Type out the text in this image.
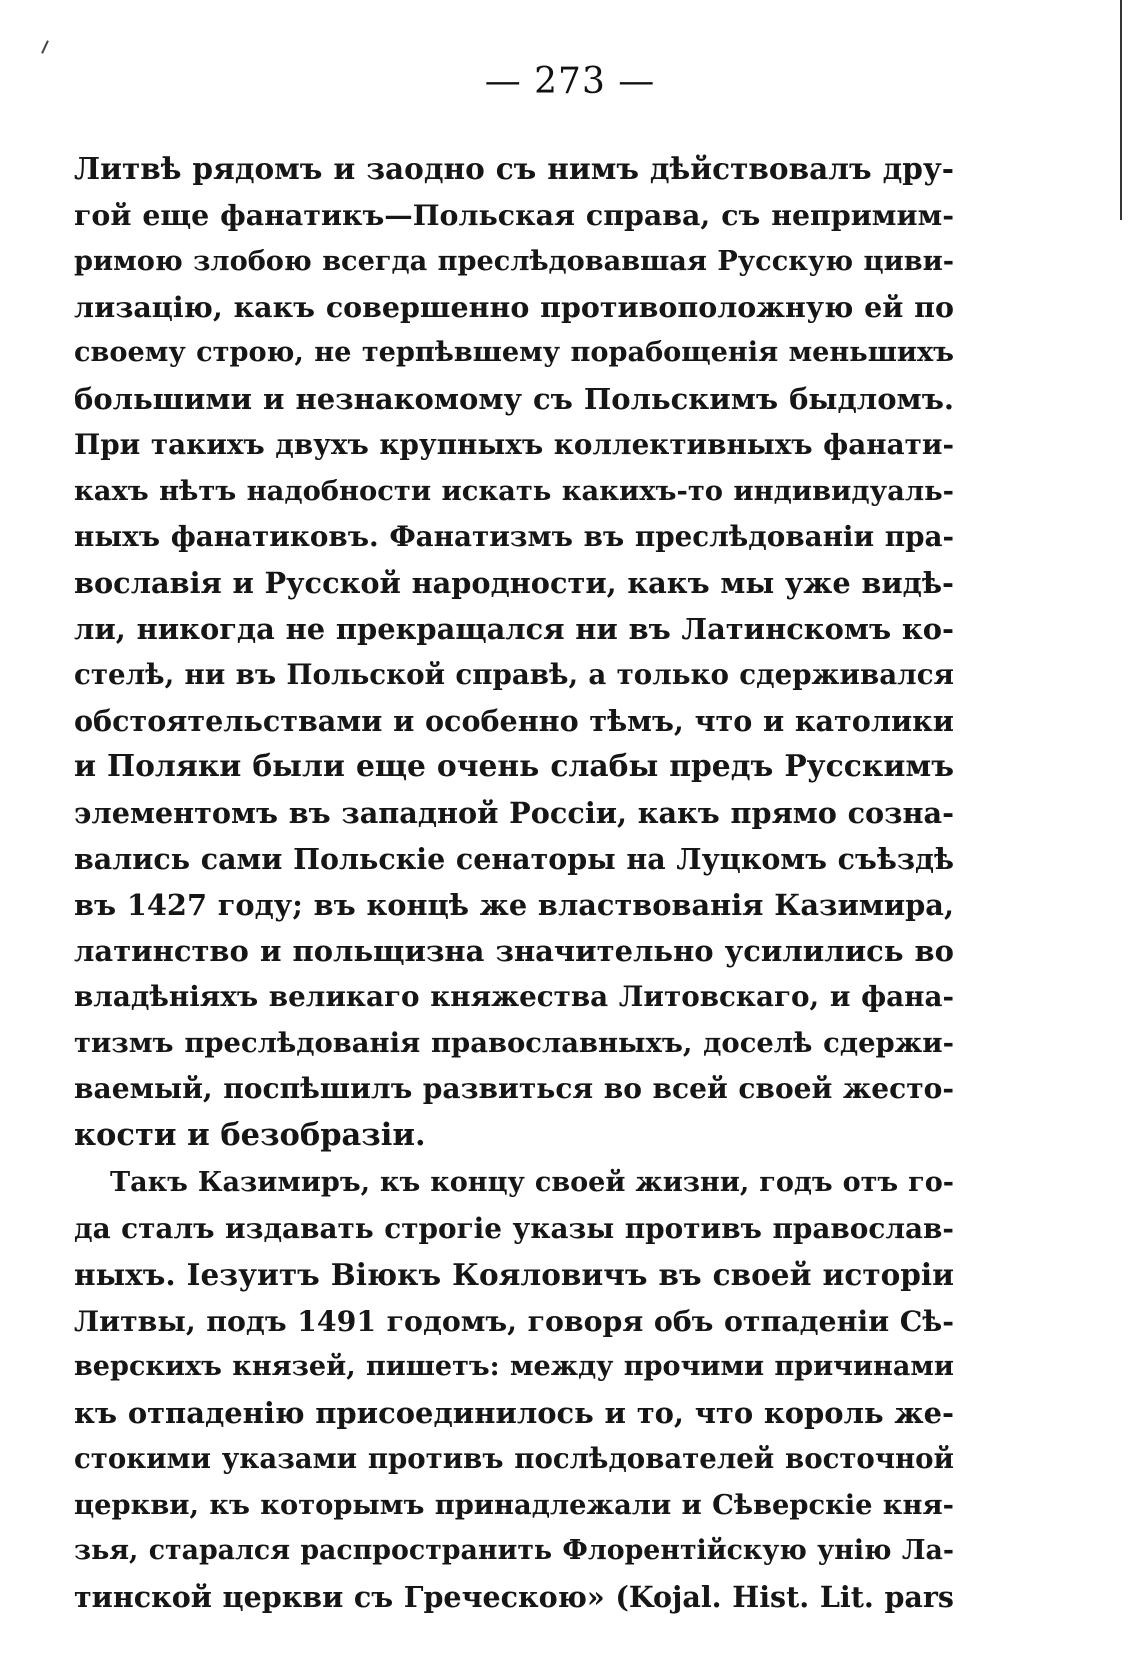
— 273 —
Литвѣ рядомъ и заодно съ нимъ дѣйствовалъ дру-
гой еще фанатикъ—Польская справа, съ непримим-
римою злобою всегда преслѣдовавшая Русскую циви-
лизацію, какъ совершенно противоположную ей по
своему строю, не терпѣвшему порабощенія меньшихъ
большими и незнакомому съ Польскимъ быдломъ.
При такихъ двухъ крупныхъ коллективныхъ фанати-
кахъ нѣтъ надобности искать какихъ-то индивидуаль-
ныхъ фанатиковъ. Фанатизмъ въ преслѣдованіи пра-
вославія и Русской народности, какъ мы уже видѣ-
ли, никогда не прекращался ни въ Латинскомъ ко-
стелѣ, ни въ Польской справѣ, а только сдерживался
обстоятельствами и особенно тѣмъ, что и католики
и Поляки были еще очень слабы предъ Русскимъ
элементомъ въ западной Россіи, какъ прямо созна-
вались сами Польскіе сенаторы на Луцкомъ съѣздѣ
въ 1427 году; въ концѣ же властвованія Казимира,
латинство и польщизна значительно усилились во
владѣніяхъ великаго княжества Литовскаго, и фана-
тизмъ преслѣдованія православныхъ, доселѣ сдержи-
ваемый, поспѣшилъ развиться во всей своей жесто-
кости и безобразіи.
Такъ Казимиръ, къ концу своей жизни, годъ отъ го-
да сталъ издавать строгіе указы противъ православ-
ныхъ. Іезуитъ Віюкъ Кояловичъ въ своей исторіи
Литвы, подъ 1491 годомъ, говоря объ отпаденіи Сѣ-
верскихъ князей, пишетъ: между прочими причинами
къ отпаденію присоединилось и то, что король же-
стокими указами противъ послѣдователей восточной
церкви, къ которымъ принадлежали и Сѣверскіе кня-
зья, старался распространить Флорентійскую унію Ла-
тинской церкви съ Греческою» (Kojal. Hist. Lit. pars
